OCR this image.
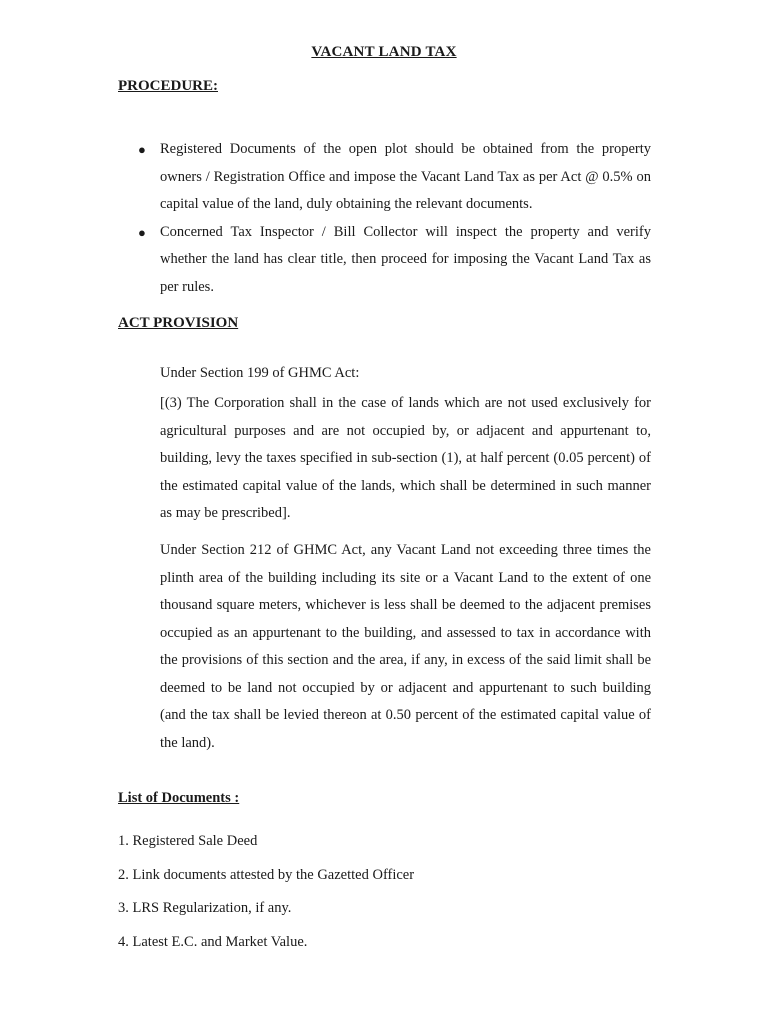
VACANT LAND TAX
PROCEDURE:
● Registered Documents of the open plot should be obtained from the property owners / Registration Office and impose the Vacant Land Tax as per Act @ 0.5% on capital value of the land, duly obtaining the relevant documents.
● Concerned Tax Inspector / Bill Collector will inspect the property and verify whether the land has clear title, then proceed for imposing the Vacant Land Tax as per rules.
ACT PROVISION

Under Section 199 of GHMC Act:

[(3) The Corporation shall in the case of lands which are not used exclusively for agricultural purposes and are not occupied by, or adjacent and appurtenant to, building, levy the taxes specified in sub-section (1), at half percent (0.05 percent) of the estimated capital value of the lands, which shall be determined in such manner as may be prescribed].

Under Section 212 of GHMC Act, any Vacant Land not exceeding three times the plinth area of the building including its site or a Vacant Land to the extent of one thousand square meters, whichever is less shall be deemed to the adjacent premises occupied as an appurtenant to the building, and assessed to tax in accordance with the provisions of this section and the area, if any, in excess of the said limit shall be deemed to be land not occupied by or adjacent and appurtenant to such building (and the tax shall be levied thereon at 0.50 percent of the estimated capital value of the land).

List of Documents :
1. Registered Sale Deed
2. Link documents attested by the Gazetted Officer
3. LRS Regularization, if any.
4. Latest E.C. and Market Value.
